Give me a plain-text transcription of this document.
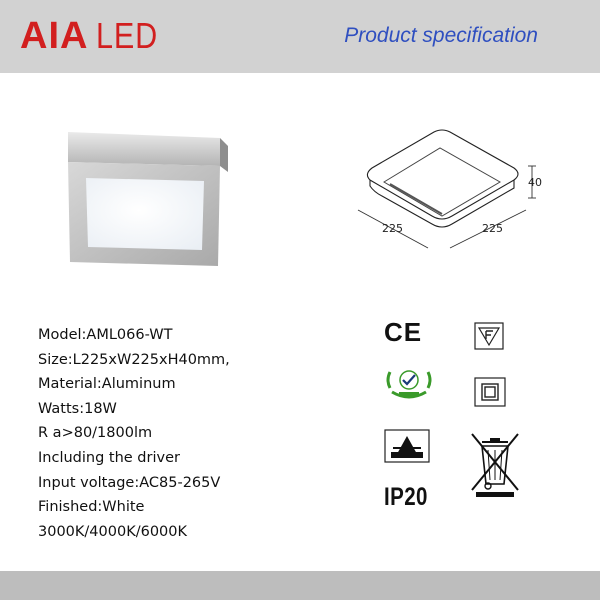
AIA LED	Product specification
225	225
40
Model:AML066-WT
Size:L225xW225xH40mm,
Material:Aluminum
Watts:18W
R a>80/1800lm
Including the driver
Input voltage:AC85-265V
Finished:White
3000K/4000K/6000K
CE
IP20
